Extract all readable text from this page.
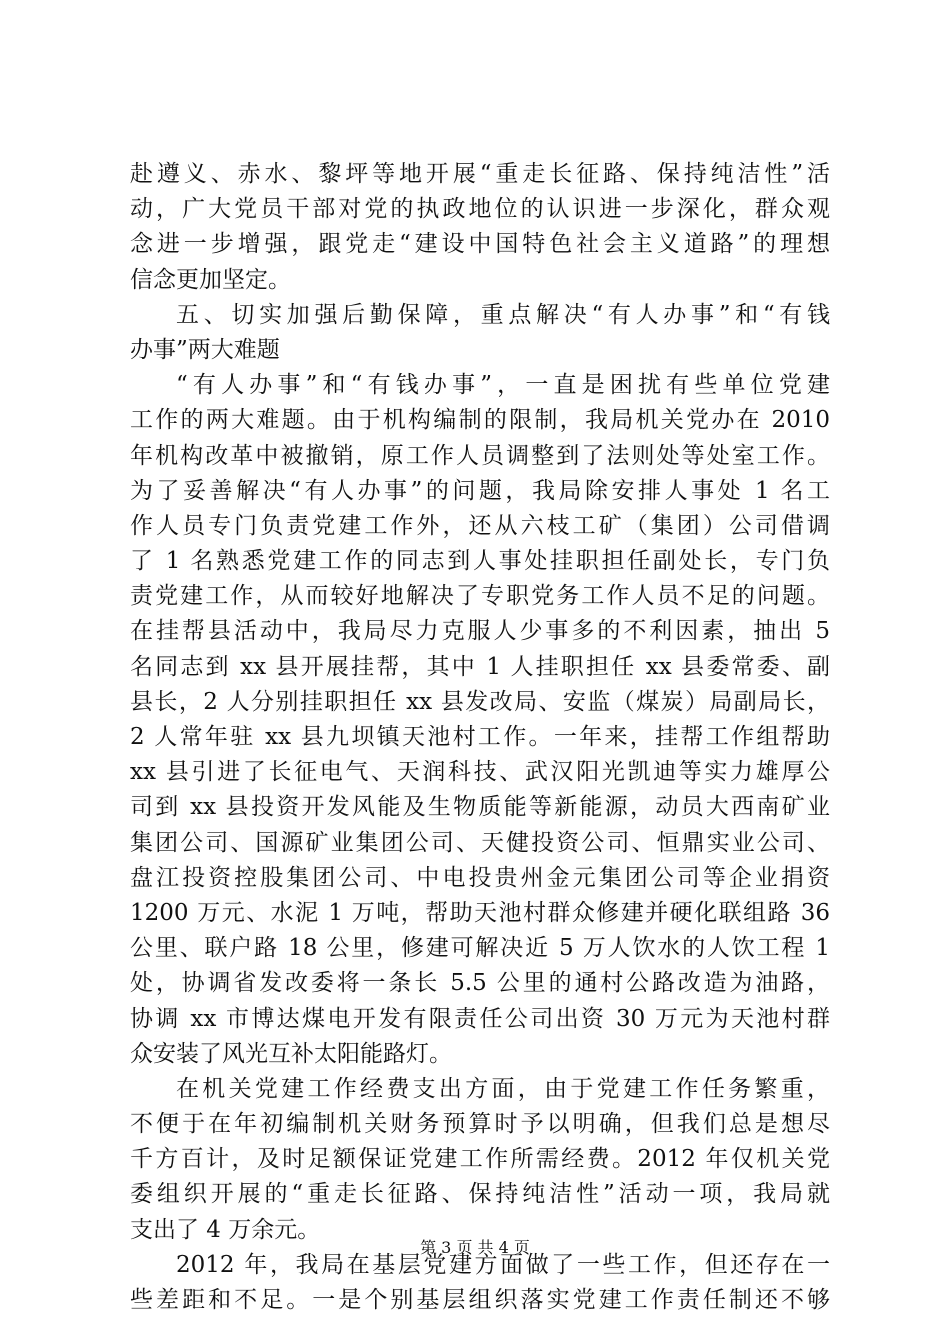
赴遵义、赤水、黎坪等地开展“重走长征路、保持纯洁性”活
动，广大党员干部对党的执政地位的认识进一步深化，群众观
念进一步增强，跟党走“建设中国特色社会主义道路”的理想
信念更加坚定。
五、切实加强后勤保障，重点解决“有人办事”和“有钱
办事”两大难题
“有人办事”和“有钱办事”，一直是困扰有些单位党建
工作的两大难题。由于机构编制的限制，我局机关党办在 2010
年机构改革中被撤销，原工作人员调整到了法则处等处室工作。
为了妥善解决“有人办事”的问题，我局除安排人事处 1 名工
作人员专门负责党建工作外，还从六枝工矿（集团）公司借调
了 1 名熟悉党建工作的同志到人事处挂职担任副处长，专门负
责党建工作，从而较好地解决了专职党务工作人员不足的问题。
在挂帮县活动中，我局尽力克服人少事多的不利因素，抽出 5
名同志到 xx 县开展挂帮，其中 1 人挂职担任 xx 县委常委、副
县长，2 人分别挂职担任 xx 县发改局、安监（煤炭）局副局长，
2 人常年驻 xx 县九坝镇天池村工作。一年来，挂帮工作组帮助
xx 县引进了长征电气、天润科技、武汉阳光凯迪等实力雄厚公
司到 xx 县投资开发风能及生物质能等新能源，动员大西南矿业
集团公司、国源矿业集团公司、天健投资公司、恒鼎实业公司、
盘江投资控股集团公司、中电投贵州金元集团公司等企业捐资
1200 万元、水泥 1 万吨，帮助天池村群众修建并硬化联组路 36
公里、联户路 18 公里，修建可解决近 5 万人饮水的人饮工程 1
处，协调省发改委将一条长 5.5 公里的通村公路改造为油路，
协调 xx 市博达煤电开发有限责任公司出资 30 万元为天池村群
众安装了风光互补太阳能路灯。
在机关党建工作经费支出方面，由于党建工作任务繁重，
不便于在年初编制机关财务预算时予以明确，但我们总是想尽
千方百计，及时足额保证党建工作所需经费。2012 年仅机关党
委组织开展的“重走长征路、保持纯洁性”活动一项，我局就
支出了 4 万余元。
2012 年，我局在基层党建方面做了一些工作，但还存在一
些差距和不足。一是个别基层组织落实党建工作责任制还不够
第 3 页 共 4 页
